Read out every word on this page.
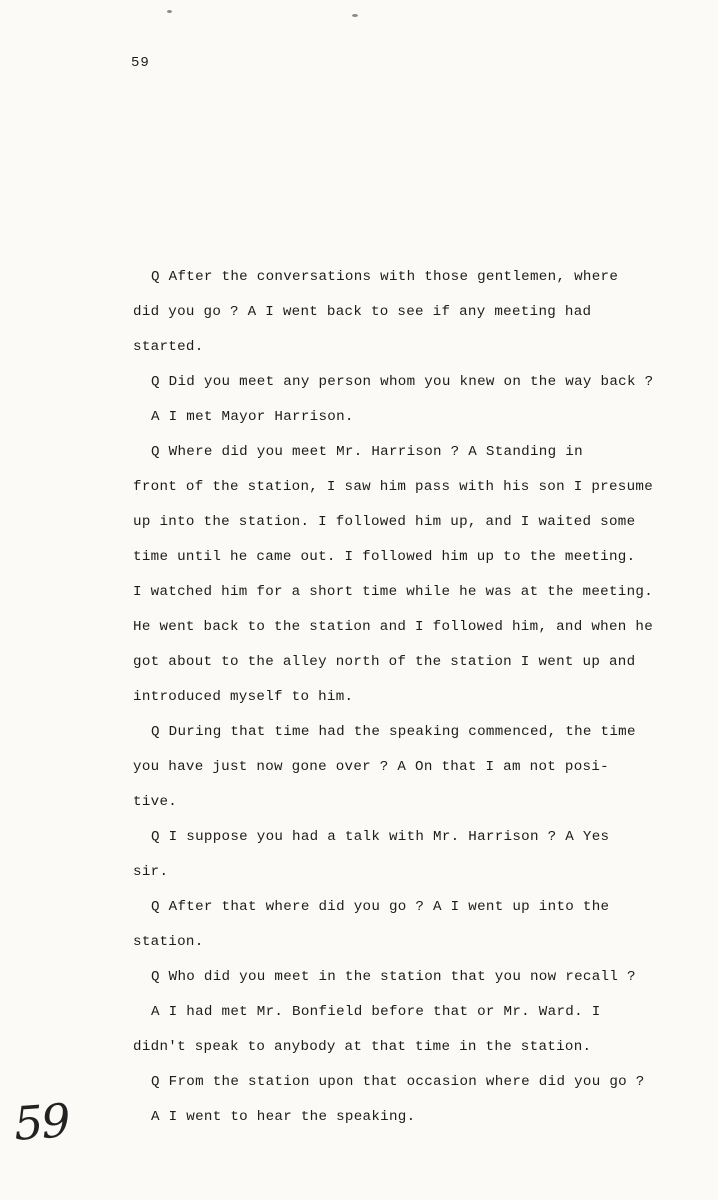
59
Q After the conversations with those gentlemen, where
did you go ? A I went back to see if any meeting had
started.
Q Did you meet any person whom you knew on the way back ?
A I met Mayor Harrison.
Q Where did you meet Mr. Harrison ? A Standing in
front of the station, I saw him pass with his son I presume
up into the station. I followed him up, and I waited some
time until he came out. I followed him up to the meeting.
I watched him for a short time while he was at the meeting.
He went back to the station and I followed him, and when he
got about to the alley north of the station I went up and
introduced myself to him.
Q During that time had the speaking commenced, the time
you have just now gone over ? A On that I am not posi-
tive.
Q I suppose you had a talk with Mr. Harrison ? A Yes
sir.
Q After that where did you go ? A I went up into the
station.
Q Who did you meet in the station that you now recall ?
A I had met Mr. Bonfield before that or Mr. Ward. I
didn't speak to anybody at that time in the station.
Q From the station upon that occasion where did you go ?
A I went to hear the speaking.
59
